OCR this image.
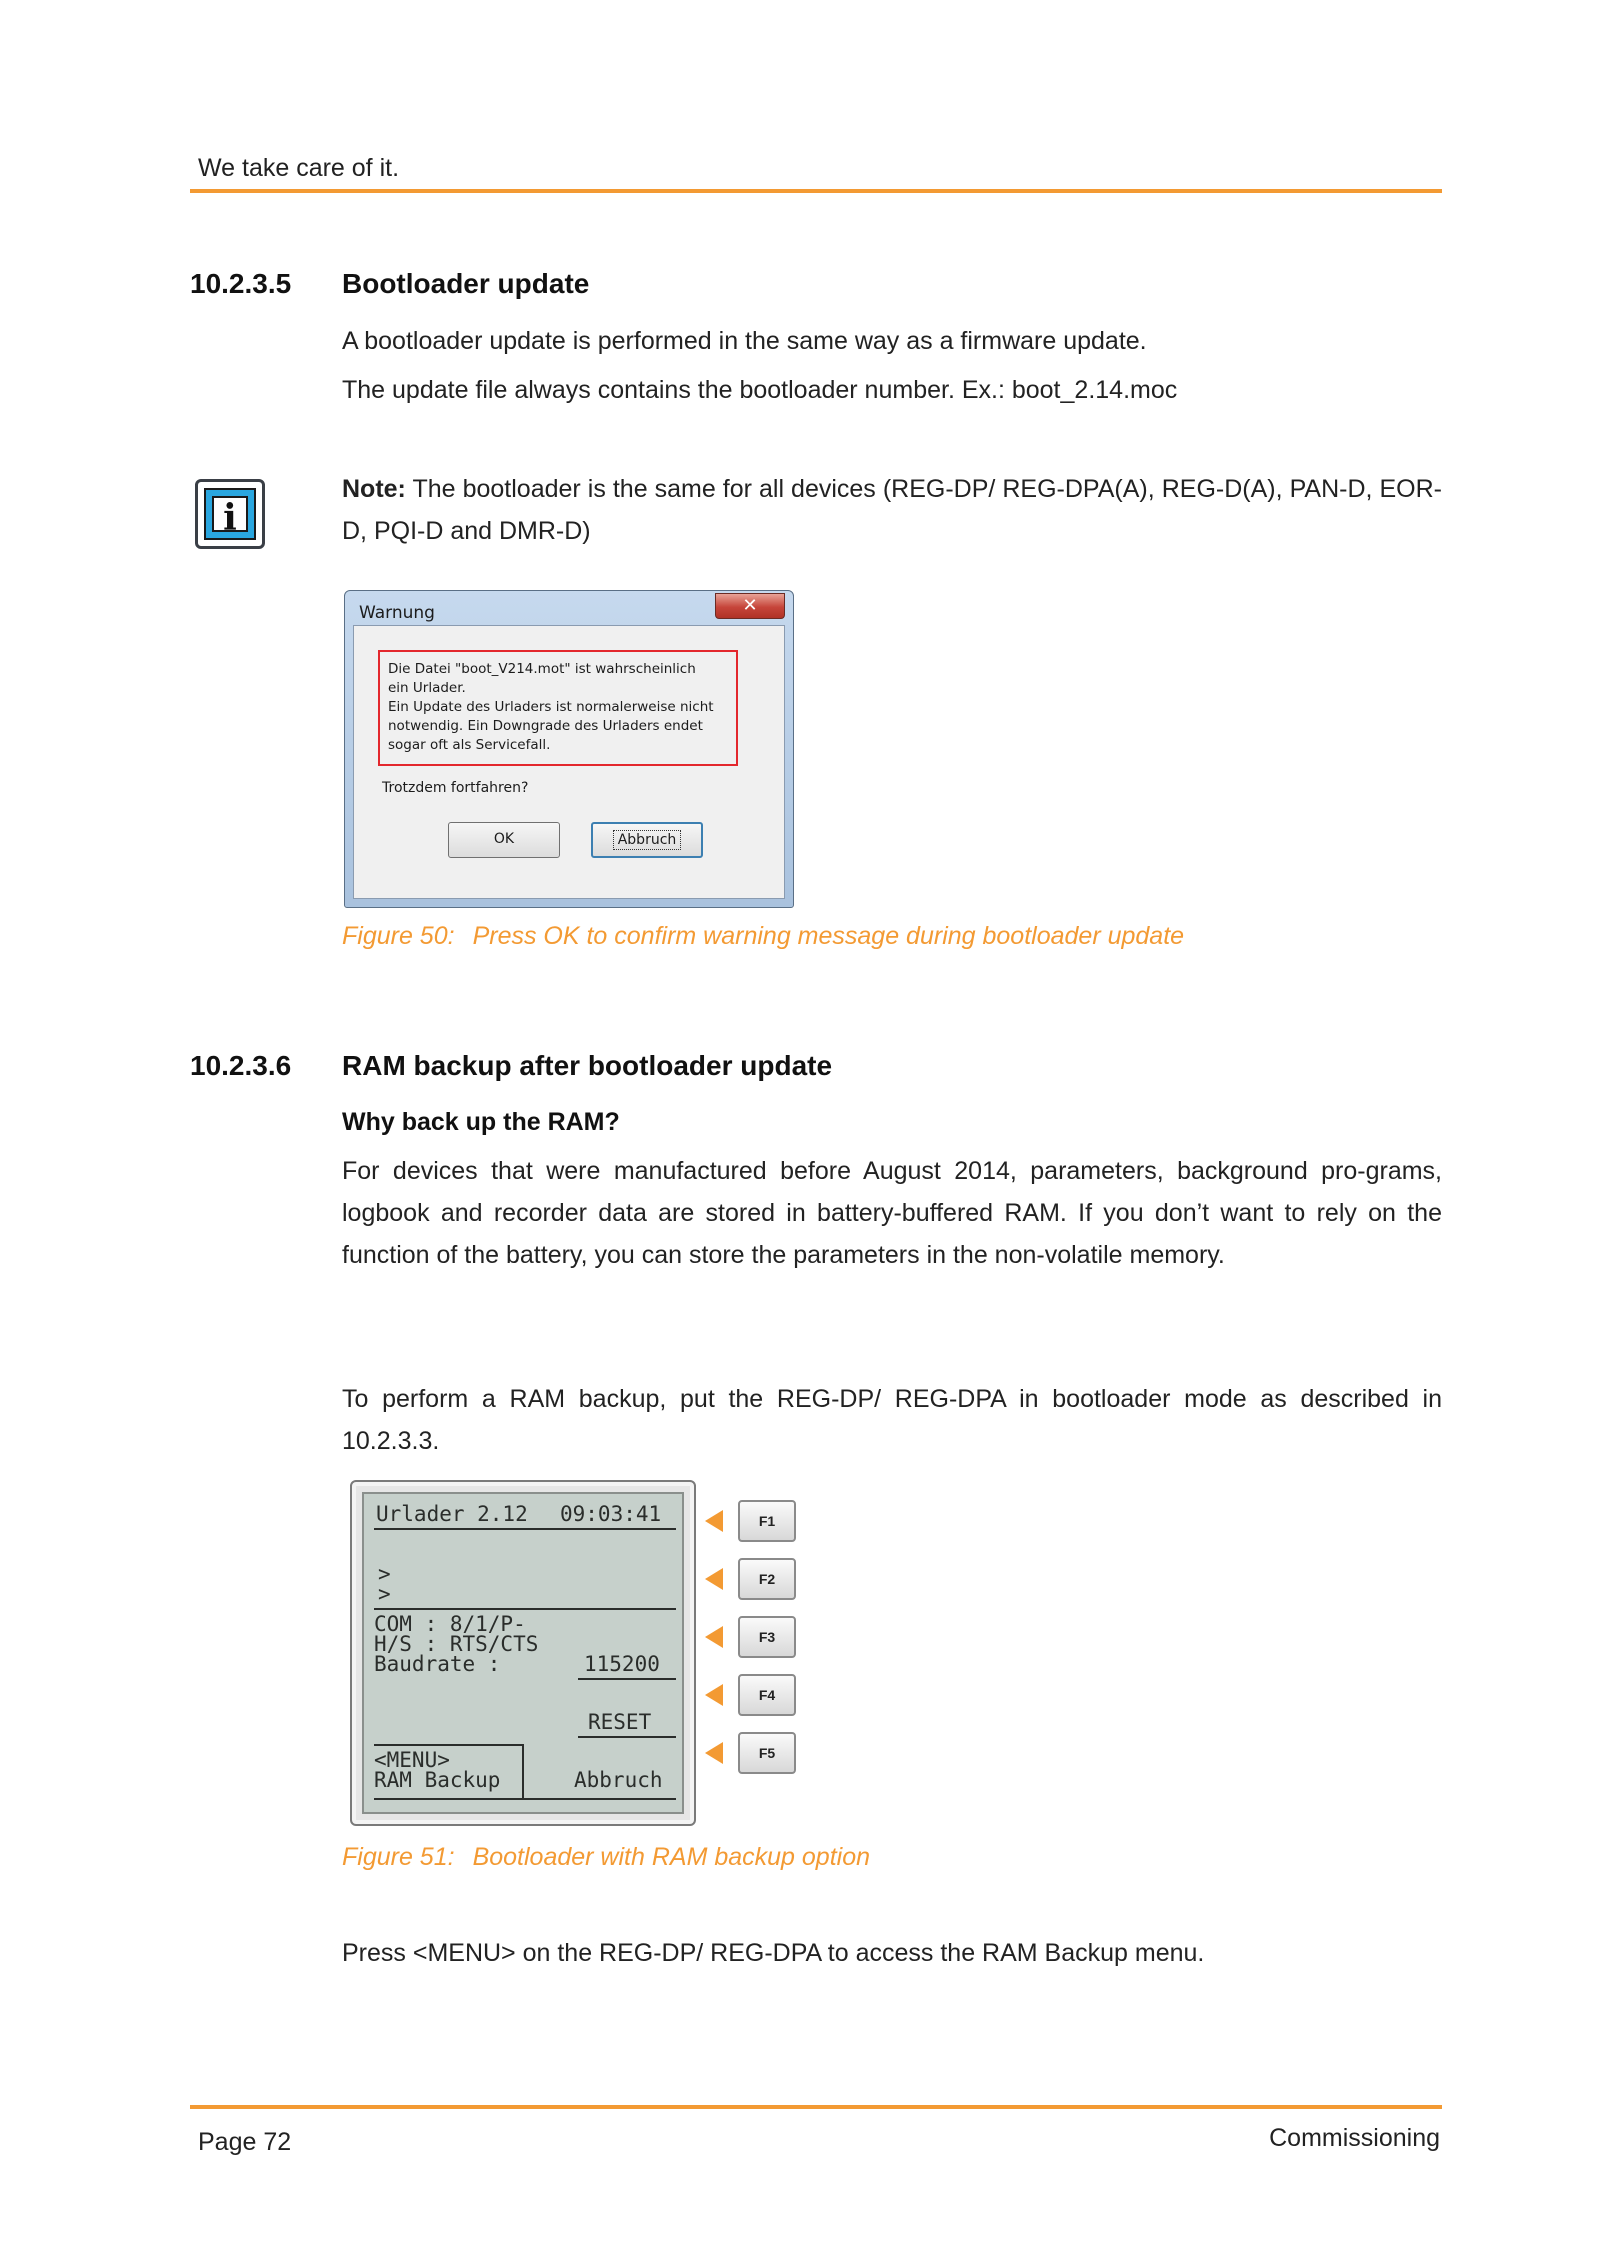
We take care of it.
10.2.3.5 Bootloader update
A bootloader update is performed in the same way as a firmware update.
The update file always contains the bootloader number. Ex.: boot_2.14.moc
i
Note: The bootloader is the same for all devices (REG-DP/ REG-DPA(A), REG-D(A), PAN-D, EOR-D, PQI-D and DMR-D)
Warnung	✕
Die Datei "boot_V214.mot" ist wahrscheinlich
ein Urlader.
Ein Update des Urladers ist normalerweise nicht
notwendig. Ein Downgrade des Urladers endet
sogar oft als Servicefall.
Trotzdem fortfahren?
OK	Abbruch
Figure 50: Press OK to confirm warning message during bootloader update
10.2.3.6 RAM backup after bootloader update
Why back up the RAM?
For devices that were manufactured before August 2014, parameters, background pro-grams, logbook and recorder data are stored in battery-buffered RAM. If you don’t want to rely on the function of the battery, you can store the parameters in the non-volatile memory.
To perform a RAM backup, put the REG-DP/ REG-DPA in bootloader mode as described in 10.2.3.3.
Urlader 2.12 09:03:41
>
>
COM : 8/1/P-
H/S : RTS/CTS
Baudrate :	115200
RESET
<MENU>
RAM Backup	Abbruch
F1
F2
F3
F4
F5
Figure 51: Bootloader with RAM backup option
Press <MENU> on the REG-DP/ REG-DPA to access the RAM Backup menu.
Page 72	Commissioning
